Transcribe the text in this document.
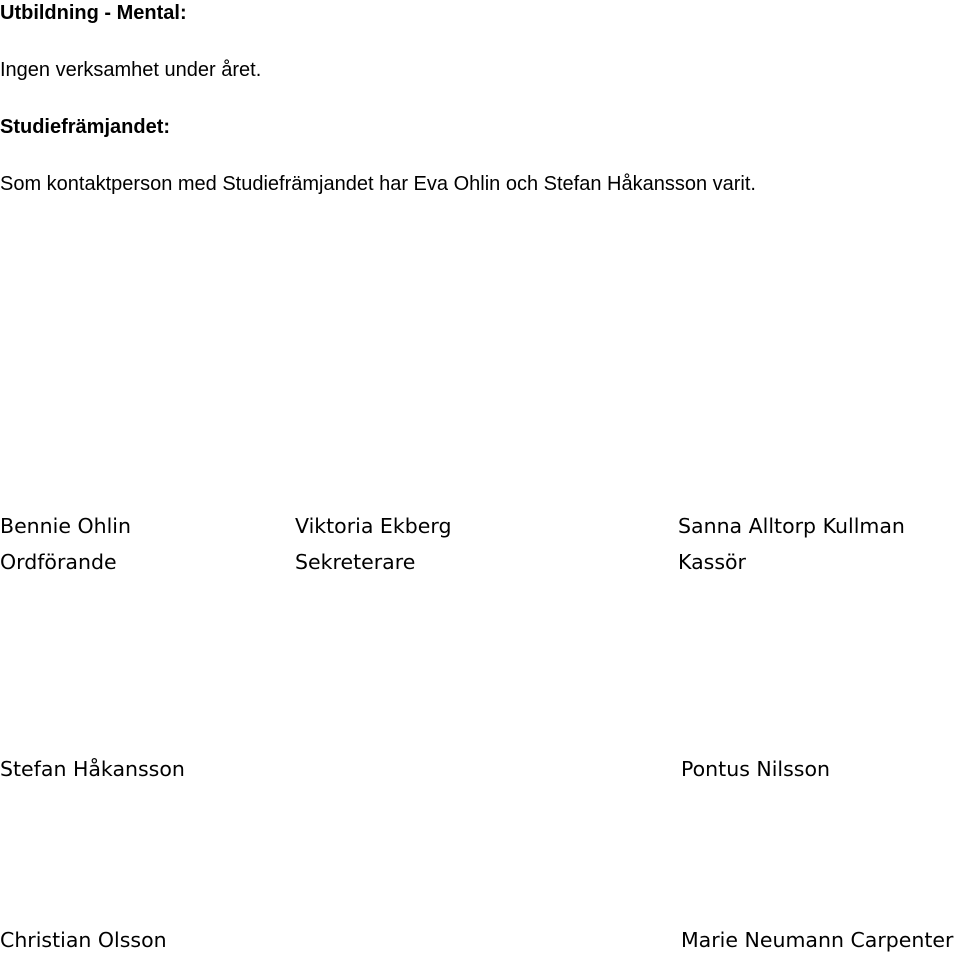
Utbildning - Mental:
Ingen verksamhet under året.
Studiefrämjandet:
Som kontaktperson med Studiefrämjandet har Eva Ohlin och Stefan Håkansson varit.
Bennie Ohlin
Ordförande
Viktoria Ekberg
Sekreterare
Sanna Alltorp Kullman
Kassör
Stefan Håkansson	Pontus Nilsson
Christian Olsson	Marie Neumann Carpenter
